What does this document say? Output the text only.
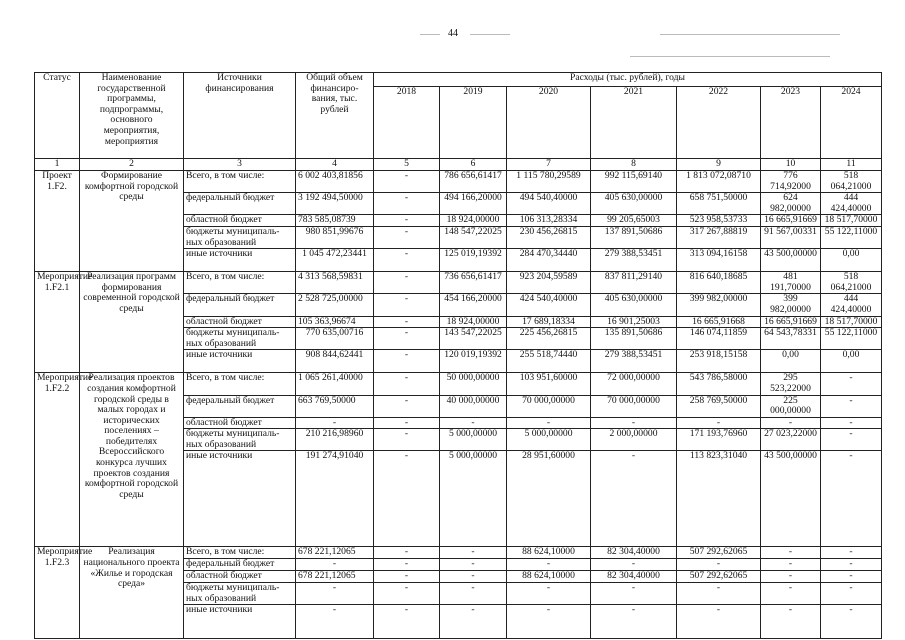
44
Статус	Наименование государственной программы, подпрограммы, основного мероприятия, мероприятия	Источники финансирования	Общий объем финансиро-вания, тыс. рублей	Расходы (тыс. рублей), годы						
				2018	2019	2020	2021	2022	2023	2024
1	2	3	4	5	6	7	8	9	10	11
Проект 1.F2.	Формирование комфортной городской среды	Всего, в том числе:	6 002 403,81856	-	786 656,61417	1 115 780,29589	992 115,69140	1 813 072,08710	776 714,92000	518 064,21000
		федеральный бюджет	3 192 494,50000	-	494 166,20000	494 540,40000	405 630,00000	658 751,50000	624 982,00000	444 424,40000
		областной бюджет	783 585,08739	-	18 924,00000	106 313,28334	99 205,65003	523 958,53733	16 665,91669	18 517,70000
		бюджеты муниципаль-ных образований	980 851,99676	-	148 547,22025	230 456,26815	137 891,50686	317 267,88819	91 567,00331	55 122,11000
		иные источники	1 045 472,23441	-	125 019,19392	284 470,34440	279 388,53451	313 094,16158	43 500,00000	0,00
Мероприятие 1.F2.1	Реализация программ формирования современной городской среды	Всего, в том числе:	4 313 568,59831	-	736 656,61417	923 204,59589	837 811,29140	816 640,18685	481 191,70000	518 064,21000
		федеральный бюджет	2 528 725,00000	-	454 166,20000	424 540,40000	405 630,00000	399 982,00000	399 982,00000	444 424,40000
		областной бюджет	105 363,96674	-	18 924,00000	17 689,18334	16 901,25003	16 665,91668	16 665,91669	18 517,70000
		бюджеты муниципаль-ных образований	770 635,00716	-	143 547,22025	225 456,26815	135 891,50686	146 074,11859	64 543,78331	55 122,11000
		иные источники	908 844,62441	-	120 019,19392	255 518,74440	279 388,53451	253 918,15158	0,00	0,00
Мероприятие 1.F2.2	Реализация проектов создания комфортной городской среды в малых городах и исторических поселениях – победителях Всероссийского конкурса лучших проектов создания комфортной городской среды	Всего, в том числе:	1 065 261,40000	-	50 000,00000	103 951,60000	72 000,00000	543 786,58000	295 523,22000	-
		федеральный бюджет	663 769,50000	-	40 000,00000	70 000,00000	70 000,00000	258 769,50000	225 000,00000	-
		областной бюджет	-	-	-	-	-	-	-	-
		бюджеты муниципаль-ных образований	210 216,98960	-	5 000,00000	5 000,00000	2 000,00000	171 193,76960	27 023,22000	-
		иные источники	191 274,91040	-	5 000,00000	28 951,60000	-	113 823,31040	43 500,00000	-
Мероприятие 1.F2.3	Реализация национального проекта «Жилье и городская среда»	Всего, в том числе:	678 221,12065	-	-	88 624,10000	82 304,40000	507 292,62065	-	-
		федеральный бюджет	-	-	-	-	-	-	-	-
		областной бюджет	678 221,12065	-	-	88 624,10000	82 304,40000	507 292,62065	-	-
		бюджеты муниципаль-ных образований	-	-	-	-	-	-	-	-
		иные источники	-	-	-	-	-	-	-	-
